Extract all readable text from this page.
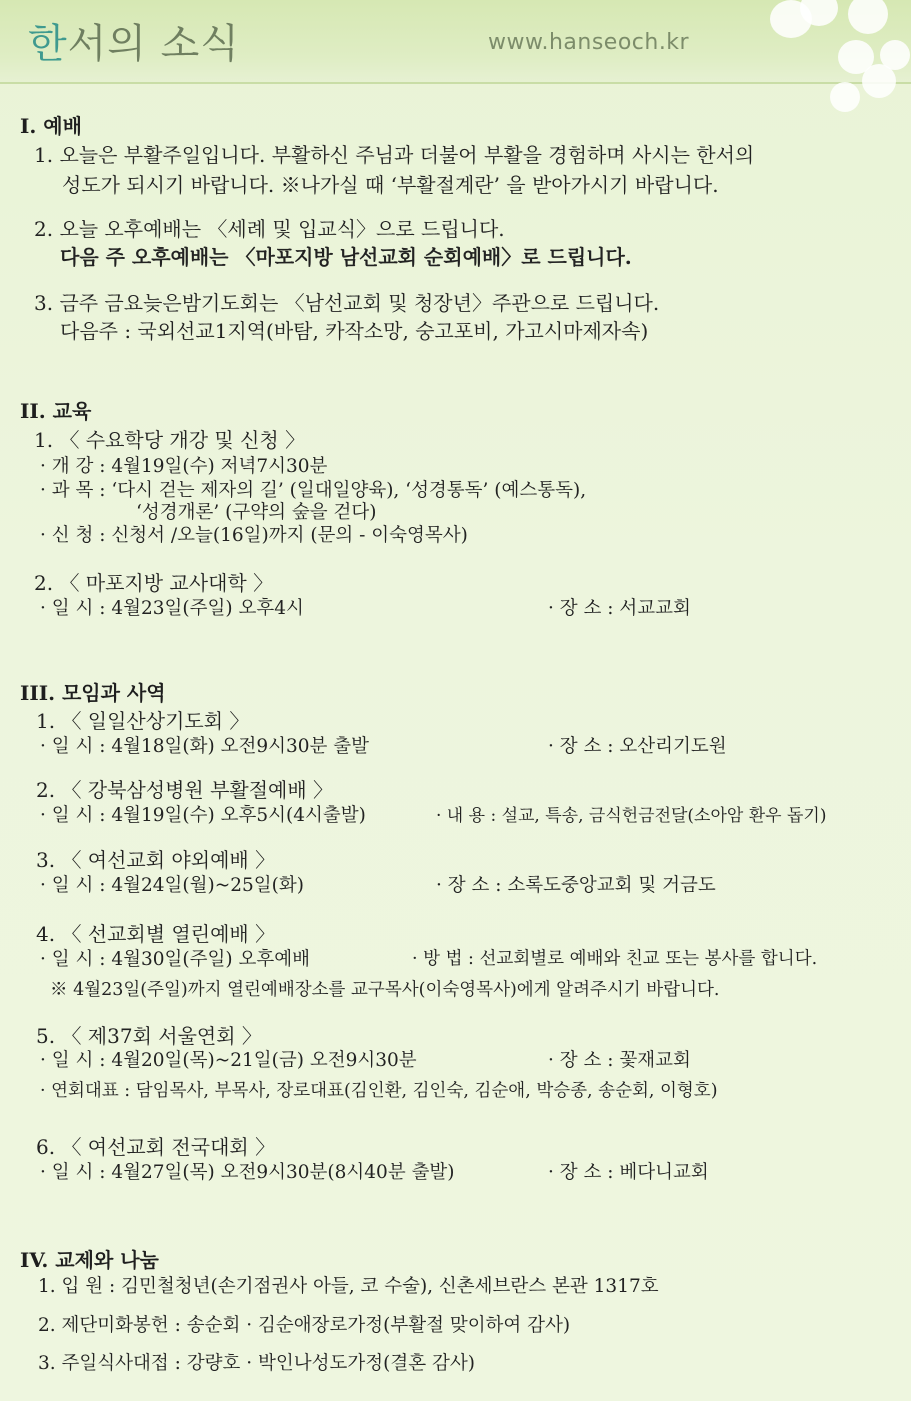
한서의 소식	www.hanseoch.kr
I. 예배
1. 오늘은 부활주일입니다. 부활하신 주님과 더불어 부활을 경험하며 사시는 한서의
성도가 되시기 바랍니다. ※나가실 때 ‘부활절계란’ 을 받아가시기 바랍니다.
2. 오늘 오후예배는 〈세례 및 입교식〉으로 드립니다.
다음 주 오후예배는 〈마포지방 남선교회 순회예배〉로 드립니다.
3. 금주 금요늦은밤기도회는 〈남선교회 및 청장년〉주관으로 드립니다.
다음주 : 국외선교1지역(바탐, 카작소망, 숭고포비, 가고시마제자속)
II. 교육
1. 〈 수요학당 개강 및 신청 〉
· 개 강 : 4월19일(수) 저녁7시30분
· 과 목 : ‘다시 걷는 제자의 길’ (일대일양육), ‘성경통독’ (예스통독),
‘성경개론’ (구약의 숲을 걷다)
· 신 청 : 신청서 /오늘(16일)까지 (문의 - 이숙영목사)
2. 〈 마포지방 교사대학 〉
· 일 시 : 4월23일(주일) 오후4시	· 장 소 : 서교교회
III. 모임과 사역
1. 〈 일일산상기도회 〉
· 일 시 : 4월18일(화) 오전9시30분 출발	· 장 소 : 오산리기도원
2. 〈 강북삼성병원 부활절예배 〉
· 일 시 : 4월19일(수) 오후5시(4시출발)	· 내 용 : 설교, 특송, 금식헌금전달(소아암 환우 돕기)
3. 〈 여선교회 야외예배 〉
· 일 시 : 4월24일(월)~25일(화)	· 장 소 : 소록도중앙교회 및 거금도
4. 〈 선교회별 열린예배 〉
· 일 시 : 4월30일(주일) 오후예배	· 방 법 : 선교회별로 예배와 친교 또는 봉사를 합니다.
※ 4월23일(주일)까지 열린예배장소를 교구목사(이숙영목사)에게 알려주시기 바랍니다.
5. 〈 제37회 서울연회 〉
· 일 시 : 4월20일(목)~21일(금) 오전9시30분	· 장 소 : 꽃재교회
· 연회대표 : 담임목사, 부목사, 장로대표(김인환, 김인숙, 김순애, 박승종, 송순회, 이형호)
6. 〈 여선교회 전국대회 〉
· 일 시 : 4월27일(목) 오전9시30분(8시40분 출발)	· 장 소 : 베다니교회
IV. 교제와 나눔
1. 입 원 : 김민철청년(손기점권사 아들, 코 수술), 신촌세브란스 본관 1317호
2. 제단미화봉헌 : 송순회 · 김순애장로가정(부활절 맞이하여 감사)
3. 주일식사대접 : 강량호 · 박인나성도가정(결혼 감사)
